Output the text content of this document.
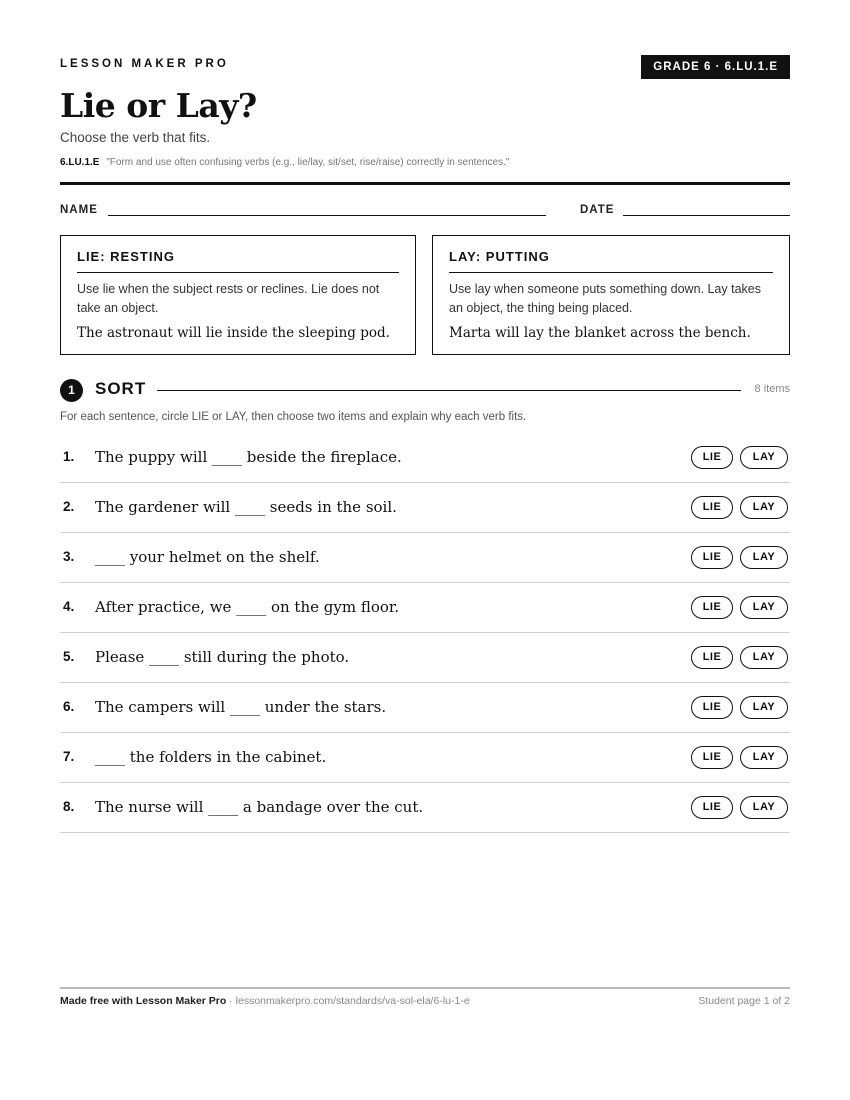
LESSON MAKER PRO	GRADE 6 · 6.LU.1.E
Lie or Lay?
Choose the verb that fits.
6.LU.1.E "Form and use often confusing verbs (e.g., lie/lay, sit/set, rise/raise) correctly in sentences."
NAME	DATE
LIE: RESTING
Use lie when the subject rests or reclines. Lie does not take an object.
The astronaut will lie inside the sleeping pod.
LAY: PUTTING
Use lay when someone puts something down. Lay takes an object, the thing being placed.
Marta will lay the blanket across the bench.
1	SORT	8 items
For each sentence, circle LIE or LAY, then choose two items and explain why each verb fits.
1. The puppy will ____ beside the fireplace.	LIE	LAY
2. The gardener will ____ seeds in the soil.	LIE	LAY
3. ____ your helmet on the shelf.	LIE	LAY
4. After practice, we ____ on the gym floor.	LIE	LAY
5. Please ____ still during the photo.	LIE	LAY
6. The campers will ____ under the stars.	LIE	LAY
7. ____ the folders in the cabinet.	LIE	LAY
8. The nurse will ____ a bandage over the cut.	LIE	LAY
Made free with Lesson Maker Pro · lessonmakerpro.com/standards/va-sol-ela/6-lu-1-e	Student page 1 of 2
